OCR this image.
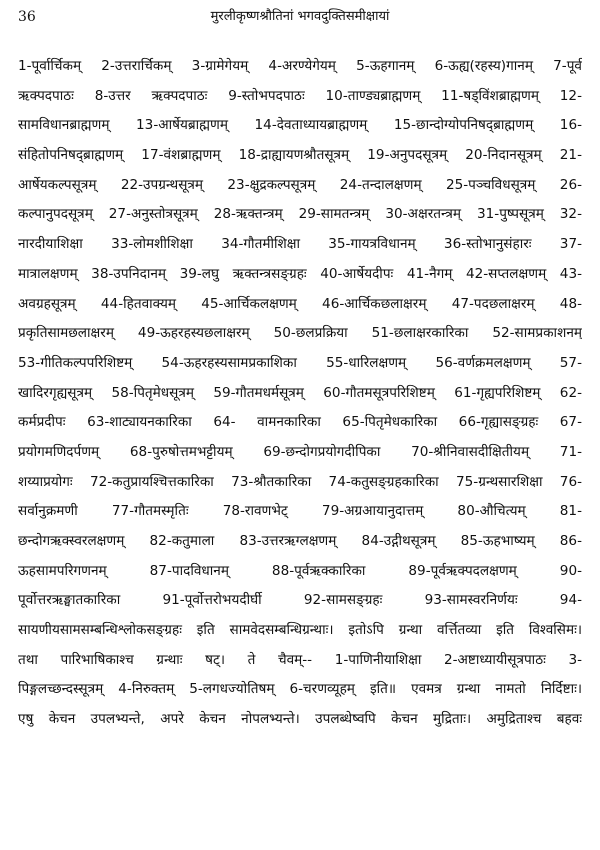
36	मुरलीकृष्णश्रौतिनां भगवदुक्तिसमीक्षायां
1-पूर्वार्चिकम् 2-उत्तरार्चिकम् 3-ग्रामेगेयम् 4-अरण्येगेयम् 5-ऊहगानम् 6-ऊह्य(रहस्य)गानम् 7-पूर्व
ऋक्पदपाठः 8-उत्तर ऋक्पदपाठः 9-स्तोभपदपाठः 10-ताण्ड्यब्राह्मणम् 11-षड्विंशब्राह्मणम् 12-
सामविधानब्राह्मणम् 13-आर्षेयब्राह्मणम् 14-देवताध्यायब्राह्मणम् 15-छान्दोग्योपनिषद्ब्राह्मणम् 16-
संहितोपनिषद्ब्राह्मणम् 17-वंशब्राह्मणम् 18-द्राह्यायणश्रौतसूत्रम् 19-अनुपदसूत्रम् 20-निदानसूत्रम् 21-
आर्षेयकल्पसूत्रम् 22-उपग्रन्थसूत्रम् 23-क्षुद्रकल्पसूत्रम् 24-तन्दालक्षणम् 25-पञ्चविधसूत्रम् 26-
कल्पानुपदसूत्रम् 27-अनुस्तोत्रसूत्रम् 28-ऋक्तन्त्रम् 29-सामतन्त्रम् 30-अक्षरतन्त्रम् 31-पुष्पसूत्रम् 32-
नारदीयाशिक्षा 33-लोमशीशिक्षा 34-गौतमीशिक्षा 35-गायत्रविधानम् 36-स्तोभानुसंहारः 37-
मात्रालक्षणम् 38-उपनिदानम् 39-लघु ऋक्तन्त्रसङ्ग्रहः 40-आर्षेयदीपः 41-नैगम् 42-सप्तलक्षणम् 43-
अवग्रहसूत्रम् 44-हितवाक्यम् 45-आर्चिकलक्षणम् 46-आर्चिकछलाक्षरम् 47-पदछलाक्षरम् 48-
प्रकृतिसामछलाक्षरम् 49-ऊहरहस्यछलाक्षरम् 50-छलप्रक्रिया 51-छलाक्षरकारिका 52-सामप्रकाशनम्
53-गीतिकल्पपरिशिष्टम् 54-ऊहरहस्यसामप्रकाशिका 55-धारिलक्षणम् 56-वर्णक्रमलक्षणम् 57-
खादिरगृह्यसूत्रम् 58-पितृमेधसूत्रम् 59-गौतमधर्मसूत्रम् 60-गौतमसूत्रपरिशिष्टम् 61-गृह्यपरिशिष्टम् 62-
कर्मप्रदीपः 63-शाट्यायनकारिका 64- वामनकारिका 65-पितृमेधकारिका 66-गृह्यासङ्ग्रहः 67-
प्रयोगमणिदर्पणम् 68-पुरुषोत्तमभट्टीयम् 69-छन्दोगप्रयोगदीपिका 70-श्रीनिवासदीक्षितीयम् 71-
शय्याप्रयोगः 72-कतुप्रायश्चित्तकारिका 73-श्रौतकारिका 74-कतुसङ्ग्रहकारिका 75-ग्रन्थसारशिक्षा 76-
सर्वानुक्रमणी 77-गौतमस्मृतिः 78-रावणभेट् 79-अग्रआयानुदात्तम् 80-औचित्यम् 81-
छन्दोगऋक्स्वरलक्षणम् 82-कतुमाला 83-उत्तरऋग्लक्षणम् 84-उद्गीथसूत्रम् 85-ऊहभाष्यम् 86-
ऊहसामपरिगणनम् 87-पादविधानम् 88-पूर्वऋक्कारिका 89-पूर्वऋक्पदलक्षणम् 90-
पूर्वोत्तरऋङ्घातकारिका 91-पूर्वोत्तरोभयदीर्घी 92-सामसङ्ग्रहः 93-सामस्वरनिर्णयः 94-
सायणीयसामसम्बन्धिश्लोकसङ्ग्रहः इति सामवेदसम्बन्धिग्रन्थाः। इतोऽपि ग्रन्था वर्त्तितव्या इति विश्वसिमः।
तथा पारिभाषिकाश्च ग्रन्थाः षट्। ते चैवम्-- 1-पाणिनीयाशिक्षा 2-अष्टाध्यायीसूत्रपाठः 3-
पिङ्गलच्छन्दस्सूत्रम् 4-निरुक्तम् 5-लगधज्योतिषम् 6-चरणव्यूहम् इति॥ एवमत्र ग्रन्था नामतो निर्दिष्टाः।
एषु केचन उपलभ्यन्ते, अपरे केचन नोपलभ्यन्ते। उपलब्धेष्वपि केचन मुद्रिताः। अमुद्रिताश्च बहवः
